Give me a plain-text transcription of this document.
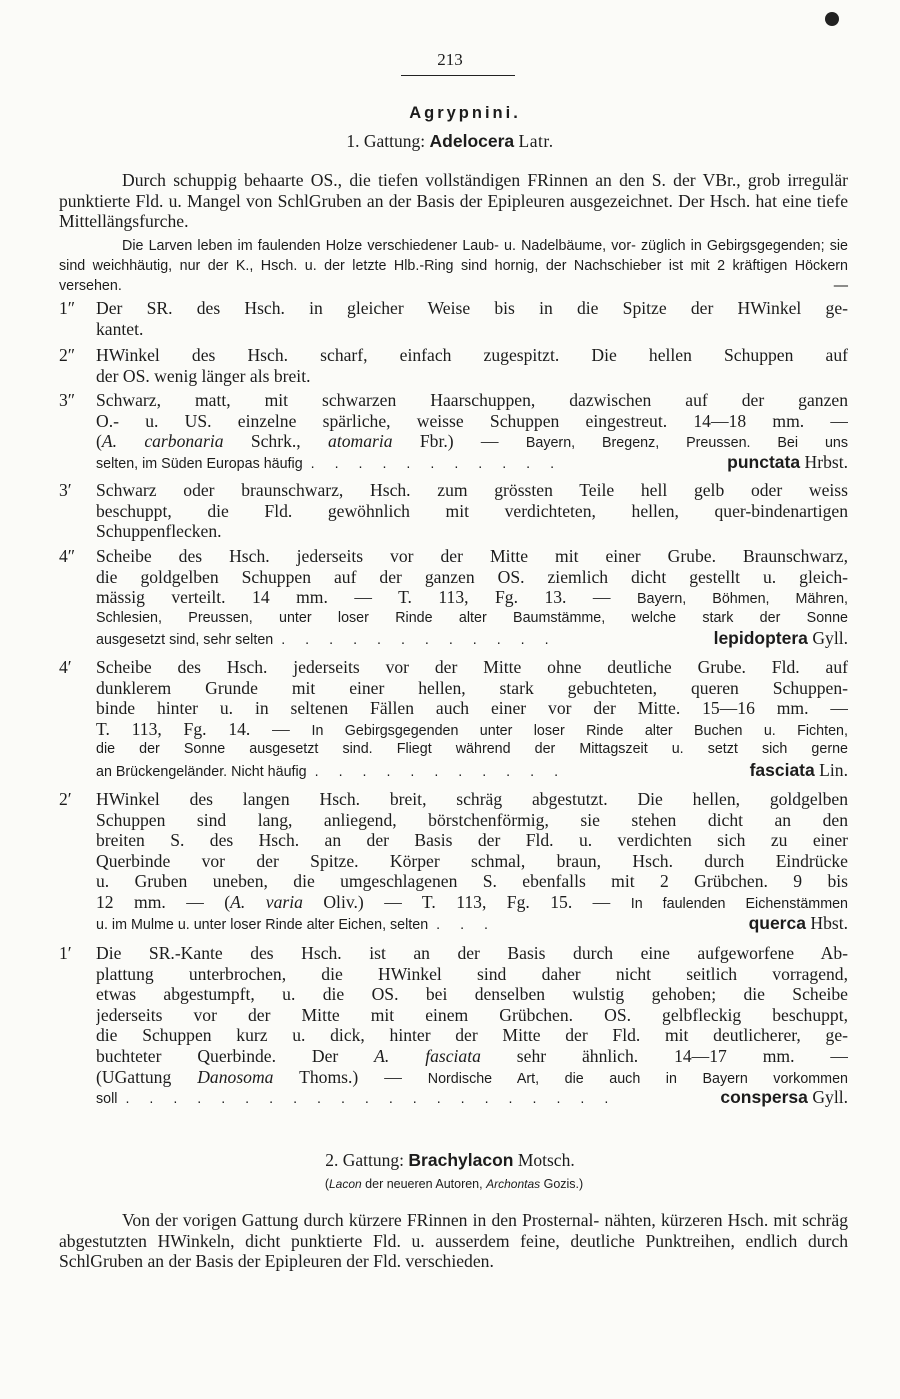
213
Agrypnini.
1. Gattung: Adelocera Latr.
Durch schuppig behaarte OS., die tiefen vollständigen FRinnen an den S. der VBr., grob irregulär punktierte Fld. u. Mangel von SchlGruben an der Basis der Epipleuren ausgezeichnet. Der Hsch. hat eine tiefe Mittellängsfurche.
Die Larven leben im faulenden Holze verschiedener Laub- u. Nadelbäume, vor- züglich in Gebirgsgegenden; sie sind weichhäutig, nur der K., Hsch. u. der letzte Hlb.-Ring sind hornig, der Nachschieber ist mit 2 kräftigen Höckern versehen. —
1″	Der SR. des Hsch. in gleicher Weise bis in die Spitze der HWinkel ge-
kantet.
2″	HWinkel des Hsch. scharf, einfach zugespitzt. Die hellen Schuppen auf
der OS. wenig länger als breit.
3″	Schwarz, matt, mit schwarzen Haarschuppen, dazwischen auf der ganzen
O.- u. US. einzelne spärliche, weisse Schuppen eingestreut. 14—18 mm. —
(A. carbonaria Schrk., atomaria Fbr.) — Bayern, Bregenz, Preussen. Bei uns
selten, im Süden Europas häufig . . . . . . . . . . .	punctata Hrbst.
3′	Schwarz oder braunschwarz, Hsch. zum grössten Teile hell gelb oder weiss
beschuppt, die Fld. gewöhnlich mit verdichteten, hellen, quer-bindenartigen
Schuppenflecken.
4″	Scheibe des Hsch. jederseits vor der Mitte mit einer Grube. Braunschwarz,
die goldgelben Schuppen auf der ganzen OS. ziemlich dicht gestellt u. gleich-
mässig verteilt. 14 mm. — T. 113, Fg. 13. — Bayern, Böhmen, Mähren,
Schlesien, Preussen, unter loser Rinde alter Baumstämme, welche stark der Sonne
ausgesetzt sind, sehr selten . . . . . . . . . . . .	lepidoptera Gyll.
4′	Scheibe des Hsch. jederseits vor der Mitte ohne deutliche Grube. Fld. auf
dunklerem Grunde mit einer hellen, stark gebuchteten, queren Schuppen-
binde hinter u. in seltenen Fällen auch einer vor der Mitte. 15—16 mm. —
T. 113, Fg. 14. — In Gebirgsgegenden unter loser Rinde alter Buchen u. Fichten,
die der Sonne ausgesetzt sind. Fliegt während der Mittagszeit u. setzt sich gerne
an Brückengeländer. Nicht häufig . . . . . . . . . . .	fasciata Lin.
2′	HWinkel des langen Hsch. breit, schräg abgestutzt. Die hellen, goldgelben
Schuppen sind lang, anliegend, börstchenförmig, sie stehen dicht an den
breiten S. des Hsch. an der Basis der Fld. u. verdichten sich zu einer
Querbinde vor der Spitze. Körper schmal, braun, Hsch. durch Eindrücke
u. Gruben uneben, die umgeschlagenen S. ebenfalls mit 2 Grübchen. 9 bis
12 mm. — (A. varia Oliv.) — T. 113, Fg. 15. — In faulenden Eichenstämmen
u. im Mulme u. unter loser Rinde alter Eichen, selten . . .	querca Hbst.
1′	Die SR.-Kante des Hsch. ist an der Basis durch eine aufgeworfene Ab-
plattung unterbrochen, die HWinkel sind daher nicht seitlich vorragend,
etwas abgestumpft, u. die OS. bei denselben wulstig gehoben; die Scheibe
jederseits vor der Mitte mit einem Grübchen. OS. gelbfleckig beschuppt,
die Schuppen kurz u. dick, hinter der Mitte der Fld. mit deutlicherer, ge-
buchteter Querbinde. Der A. fasciata sehr ähnlich. 14—17 mm. —
(UGattung Danosoma Thoms.) — Nordische Art, die auch in Bayern vorkommen
soll . . . . . . . . . . . . . . . . . . . . .	conspersa Gyll.
2. Gattung: Brachylacon Motsch.
(Lacon der neueren Autoren, Archontas Gozis.)
Von der vorigen Gattung durch kürzere FRinnen in den Prosternal- nähten, kürzeren Hsch. mit schräg abgestutzten HWinkeln, dicht punktierte Fld. u. ausserdem feine, deutliche Punktreihen, endlich durch SchlGruben an der Basis der Epipleuren der Fld. verschieden.
